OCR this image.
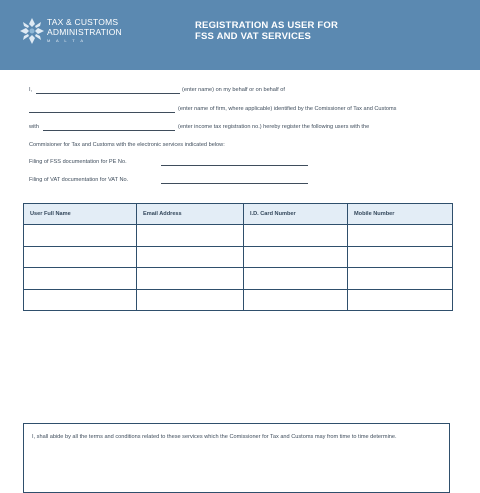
TAX & CUSTOMS
ADMINISTRATION
M A L T A
REGISTRATION AS USER FOR
FSS AND VAT SERVICES
I,	(enter name) on my behalf or on behalf of
(enter name of firm, where applicable) identified by the Comissioner of Tax and Customs
with	(enter income tax registration no.) hereby register the following users with the
Commisioner for Tax and Customs with the electronic services indicated below:
Filing of FSS documentation for PE No.
Filing of VAT documentation for VAT No.
User Full Name	Email Address	I.D. Card Number	Mobile Number

I, shall abide by all the terms and conditions related to these services which the Comissioner for Tax and Customs may from time to time determine.
